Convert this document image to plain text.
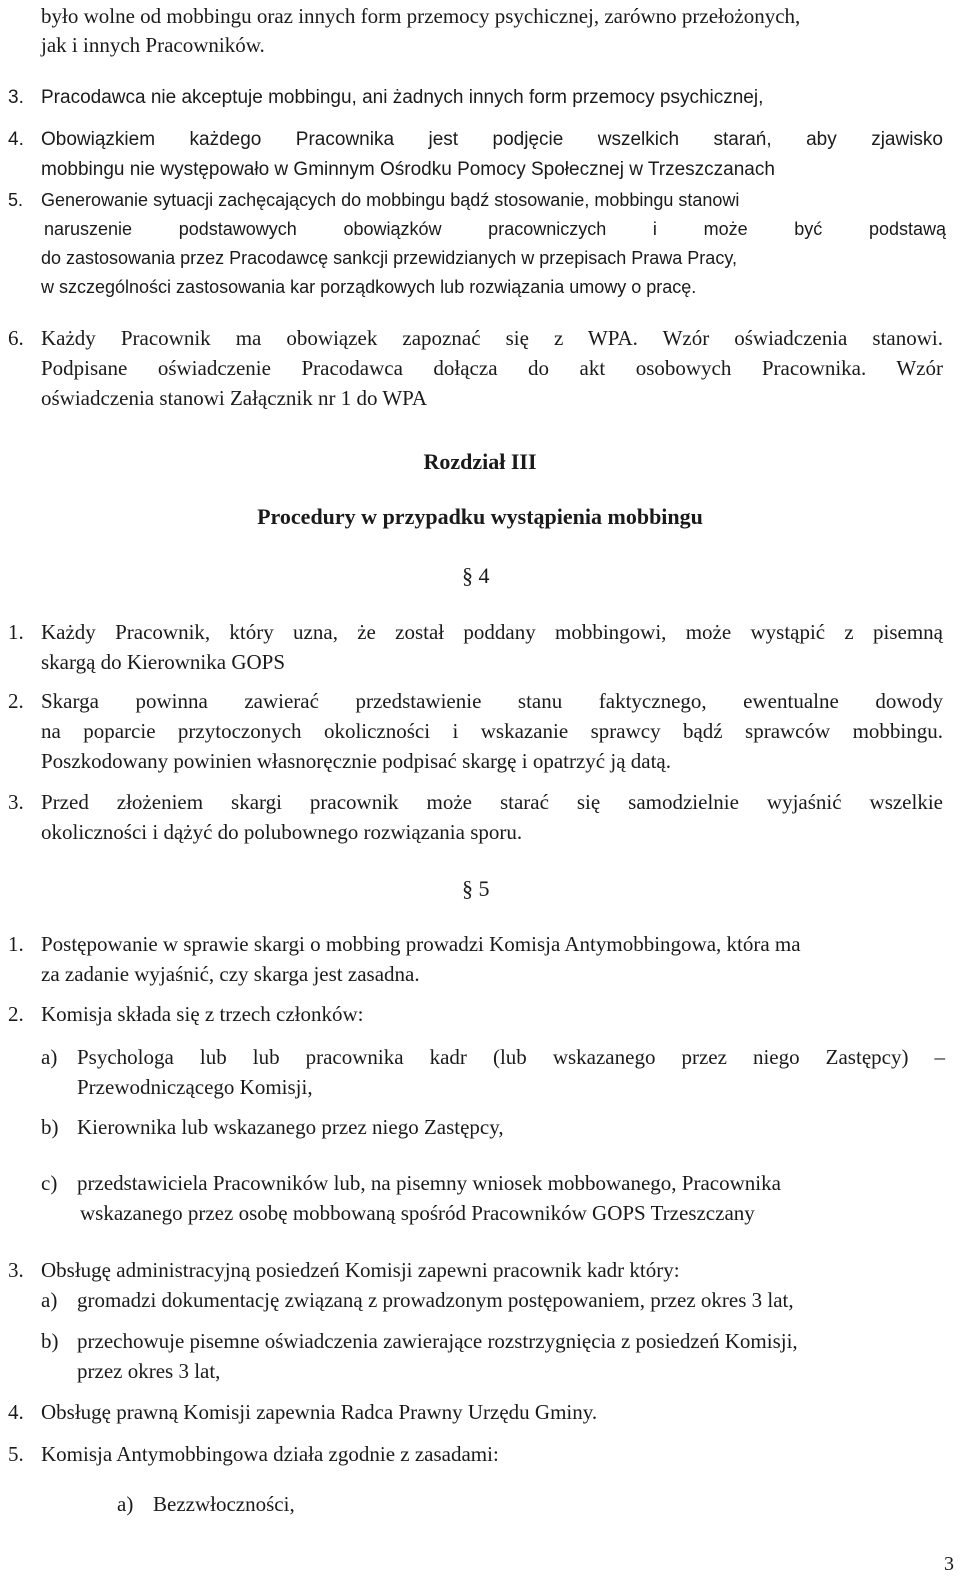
było wolne od mobbingu oraz innych form przemocy psychicznej, zarówno przełożonych,
jak i innych Pracowników.
3. Pracodawca nie akceptuje mobbingu, ani żadnych innych form przemocy psychicznej,
4. Obowiązkiem każdego Pracownika jest podjęcie wszelkich starań, aby zjawisko
mobbingu nie występowało w Gminnym Ośrodku Pomocy Społecznej w Trzeszczanach
5. Generowanie sytuacji zachęcających do mobbingu bądź stosowanie, mobbingu stanowi
naruszenie podstawowych obowiązków pracowniczych i może być podstawą
do zastosowania przez Pracodawcę sankcji przewidzianych w przepisach Prawa Pracy,
w szczególności zastosowania kar porządkowych lub rozwiązania umowy o pracę.
6. Każdy Pracownik ma obowiązek zapoznać się z WPA. Wzór oświadczenia stanowi.
Podpisane oświadczenie Pracodawca dołącza do akt osobowych Pracownika. Wzór
oświadczenia stanowi Załącznik nr 1 do WPA
Rozdział III
Procedury w przypadku wystąpienia mobbingu
§ 4
1. Każdy Pracownik, który uzna, że został poddany mobbingowi, może wystąpić z pisemną
skargą do Kierownika GOPS
2. Skarga powinna zawierać przedstawienie stanu faktycznego, ewentualne dowody
na poparcie przytoczonych okoliczności i wskazanie sprawcy bądź sprawców mobbingu.
Poszkodowany powinien własnoręcznie podpisać skargę i opatrzyć ją datą.
3. Przed złożeniem skargi pracownik może starać się samodzielnie wyjaśnić wszelkie
okoliczności i dążyć do polubownego rozwiązania sporu.
§ 5
1. Postępowanie w sprawie skargi o mobbing prowadzi Komisja Antymobbingowa, która ma
za zadanie wyjaśnić, czy skarga jest zasadna.
2. Komisja składa się z trzech członków:
a) Psychologa lub lub pracownika kadr (lub wskazanego przez niego Zastępcy) –
Przewodniczącego Komisji,
b) Kierownika lub wskazanego przez niego Zastępcy,
c) przedstawiciela Pracowników lub, na pisemny wniosek mobbowanego, Pracownika
wskazanego przez osobę mobbowaną spośród Pracowników GOPS Trzeszczany
3. Obsługę administracyjną posiedzeń Komisji zapewni pracownik kadr który:
a) gromadzi dokumentację związaną z prowadzonym postępowaniem, przez okres 3 lat,
b) przechowuje pisemne oświadczenia zawierające rozstrzygnięcia z posiedzeń Komisji,
przez okres 3 lat,
4. Obsługę prawną Komisji zapewnia Radca Prawny Urzędu Gminy.
5. Komisja Antymobbingowa działa zgodnie z zasadami:
a) Bezzwłoczności,
3
